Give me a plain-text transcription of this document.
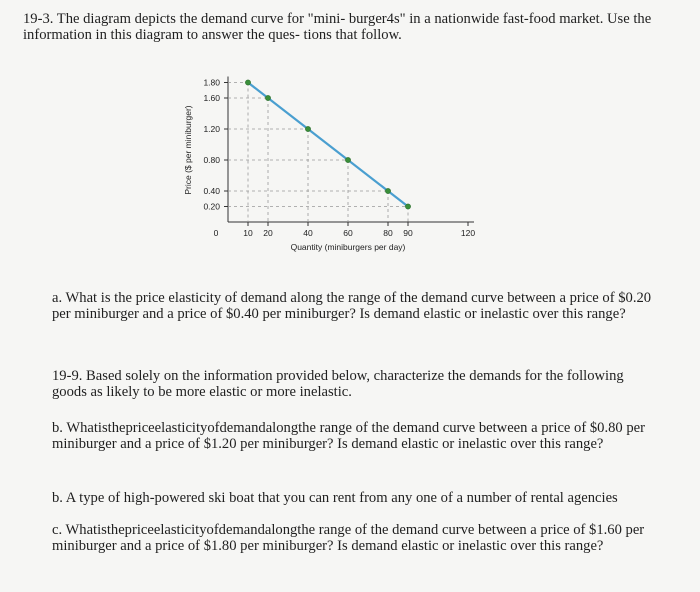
19-3. The diagram depicts the demand curve for "mini- burger4s" in a nationwide fast-food market. Use the information in this diagram to answer the ques- tions that follow.

0.20
0.40
0.80
1.20
1.60
1.80
0	10 20	40	60	80 90	120
Quantity (miniburgers per day)
Price ($ per miniburger)

a. What is the price elasticity of demand along the range of the demand curve between a price of $0.20 per miniburger and a price of $0.40 per miniburger? Is demand elastic or inelastic over this range?

19-9. Based solely on the information provided below, characterize the demands for the following goods as likely to be more elastic or more inelastic.

b. Whatisthepriceelasticityofdemandalongthe range of the demand curve between a price of $0.80 per miniburger and a price of $1.20 per miniburger? Is demand elastic or inelastic over this range?

b. A type of high-powered ski boat that you can rent from any one of a number of rental agencies

c. Whatisthepriceelasticityofdemandalongthe range of the demand curve between a price of $1.60 per miniburger and a price of $1.80 per miniburger? Is demand elastic or inelastic over this range?
